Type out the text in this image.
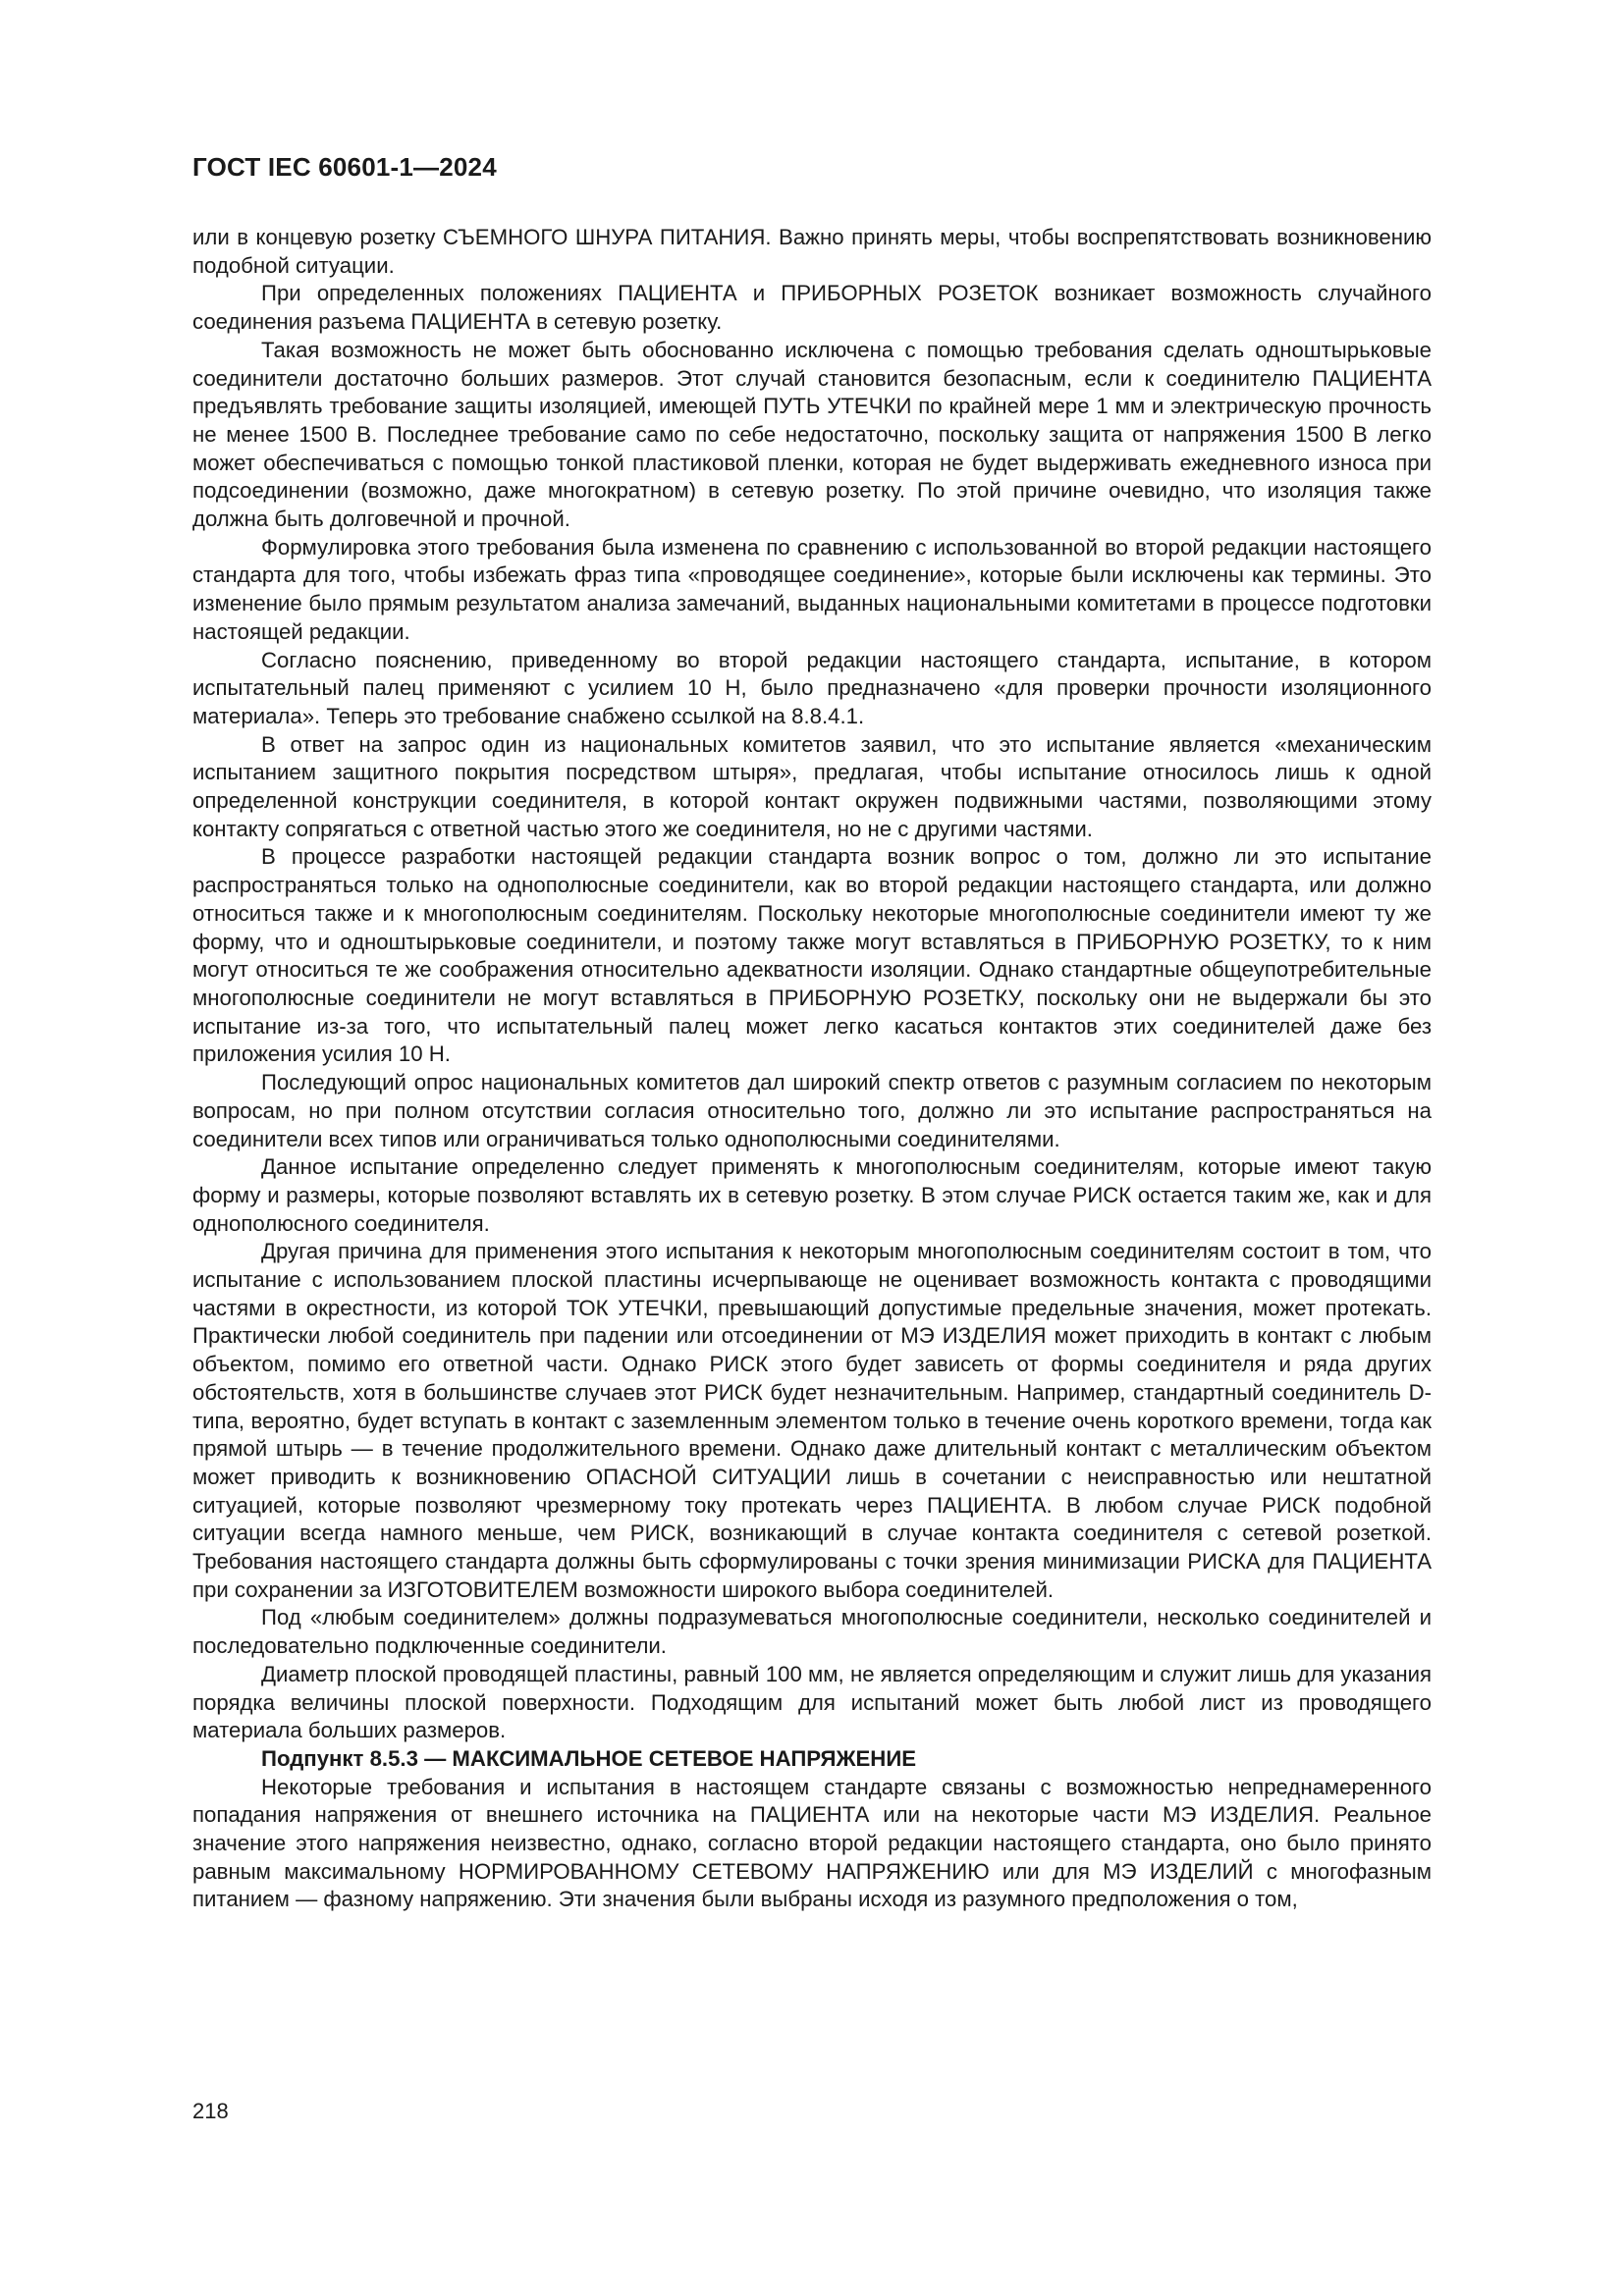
ГОСТ IEC 60601-1—2024

или в концевую розетку СЪЕМНОГО ШНУРА ПИТАНИЯ. Важно принять меры, чтобы воспрепятствовать возникновению подобной ситуации.

При определенных положениях ПАЦИЕНТА и ПРИБОРНЫХ РОЗЕТОК возникает возможность случайного соединения разъема ПАЦИЕНТА в сетевую розетку.

Такая возможность не может быть обоснованно исключена с помощью требования сделать одноштырьковые соединители достаточно больших размеров. Этот случай становится безопасным, если к соединителю ПАЦИЕНТА предъявлять требование защиты изоляцией, имеющей ПУТЬ УТЕЧКИ по крайней мере 1 мм и электрическую прочность не менее 1500 В. Последнее требование само по себе недостаточно, поскольку защита от напряжения 1500 В легко может обеспечиваться с помощью тонкой пластиковой пленки, которая не будет выдерживать ежедневного износа при подсоединении (возможно, даже многократном) в сетевую розетку. По этой причине очевидно, что изоляция также должна быть долговечной и прочной.

Формулировка этого требования была изменена по сравнению с использованной во второй редакции настоящего стандарта для того, чтобы избежать фраз типа «проводящее соединение», которые были исключены как термины. Это изменение было прямым результатом анализа замечаний, выданных национальными комитетами в процессе подготовки настоящей редакции.

Согласно пояснению, приведенному во второй редакции настоящего стандарта, испытание, в котором испытательный палец применяют с усилием 10 Н, было предназначено «для проверки прочности изоляционного материала». Теперь это требование снабжено ссылкой на 8.8.4.1.

В ответ на запрос один из национальных комитетов заявил, что это испытание является «механическим испытанием защитного покрытия посредством штыря», предлагая, чтобы испытание относилось лишь к одной определенной конструкции соединителя, в которой контакт окружен подвижными частями, позволяющими этому контакту сопрягаться с ответной частью этого же соединителя, но не с другими частями.

В процессе разработки настоящей редакции стандарта возник вопрос о том, должно ли это испытание распространяться только на однополюсные соединители, как во второй редакции настоящего стандарта, или должно относиться также и к многополюсным соединителям. Поскольку некоторые многополюсные соединители имеют ту же форму, что и одноштырьковые соединители, и поэтому также могут вставляться в ПРИБОРНУЮ РОЗЕТКУ, то к ним могут относиться те же соображения относительно адекватности изоляции. Однако стандартные общеупотребительные многополюсные соединители не могут вставляться в ПРИБОРНУЮ РОЗЕТКУ, поскольку они не выдержали бы это испытание из-за того, что испытательный палец может легко касаться контактов этих соединителей даже без приложения усилия 10 Н.

Последующий опрос национальных комитетов дал широкий спектр ответов с разумным согласием по некоторым вопросам, но при полном отсутствии согласия относительно того, должно ли это испытание распространяться на соединители всех типов или ограничиваться только однополюсными соединителями.

Данное испытание определенно следует применять к многополюсным соединителям, которые имеют такую форму и размеры, которые позволяют вставлять их в сетевую розетку. В этом случае РИСК остается таким же, как и для однополюсного соединителя.

Другая причина для применения этого испытания к некоторым многополюсным соединителям состоит в том, что испытание с использованием плоской пластины исчерпывающе не оценивает возможность контакта с проводящими частями в окрестности, из которой ТОК УТЕЧКИ, превышающий допустимые предельные значения, может протекать. Практически любой соединитель при падении или отсоединении от МЭ ИЗДЕЛИЯ может приходить в контакт с любым объектом, помимо его ответной части. Однако РИСК этого будет зависеть от формы соединителя и ряда других обстоятельств, хотя в большинстве случаев этот РИСК будет незначительным. Например, стандартный соединитель D-типа, вероятно, будет вступать в контакт с заземленным элементом только в течение очень короткого времени, тогда как прямой штырь — в течение продолжительного времени. Однако даже длительный контакт с металлическим объектом может приводить к возникновению ОПАСНОЙ СИТУАЦИИ лишь в сочетании с неисправностью или нештатной ситуацией, которые позволяют чрезмерному току протекать через ПАЦИЕНТА. В любом случае РИСК подобной ситуации всегда намного меньше, чем РИСК, возникающий в случае контакта соединителя с сетевой розеткой. Требования настоящего стандарта должны быть сформулированы с точки зрения минимизации РИСКА для ПАЦИЕНТА при сохранении за ИЗГОТОВИТЕЛЕМ возможности широкого выбора соединителей.

Под «любым соединителем» должны подразумеваться многополюсные соединители, несколько соединителей и последовательно подключенные соединители.

Диаметр плоской проводящей пластины, равный 100 мм, не является определяющим и служит лишь для указания порядка величины плоской поверхности. Подходящим для испытаний может быть любой лист из проводящего материала больших размеров.

Подпункт 8.5.3 — МАКСИМАЛЬНОЕ СЕТЕВОЕ НАПРЯЖЕНИЕ

Некоторые требования и испытания в настоящем стандарте связаны с возможностью непреднамеренного попадания напряжения от внешнего источника на ПАЦИЕНТА или на некоторые части МЭ ИЗДЕЛИЯ. Реальное значение этого напряжения неизвестно, однако, согласно второй редакции настоящего стандарта, оно было принято равным максимальному НОРМИРОВАННОМУ СЕТЕВОМУ НАПРЯЖЕНИЮ или для МЭ ИЗДЕЛИЙ с многофазным питанием — фазному напряжению. Эти значения были выбраны исходя из разумного предположения о том,

218
